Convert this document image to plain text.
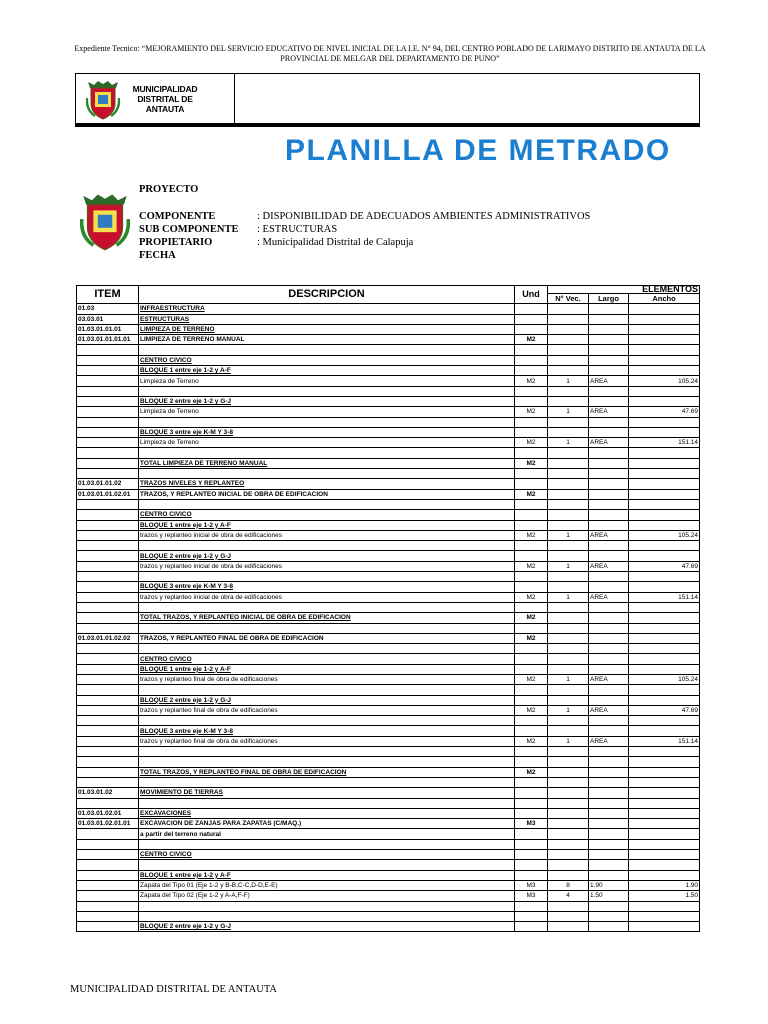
Expediente Tecnico: “MEJORAMIENTO DEL SERVICIO EDUCATIVO DE NIVEL INICIAL DE LA I.E. N° 94, DEL CENTRO POBLADO DE LARIMAYO DISTRITO DE ANTAUTA DE LA PROVINCIAL DE MELGAR DEL DEPARTAMENTO DE PUNO”
MUNICIPALIDAD DISTRITAL DE ANTAUTA
PLANILLA DE METRADO
PROYECTO
COMPONENTE	: DISPONIBILIDAD DE ADECUADOS AMBIENTES ADMINISTRATIVOS
SUB COMPONENTE : ESTRUCTURAS
PROPIETARIO	: Municipalidad Distrital de Calapuja
FECHA
ITEM	DESCRIPCION	Und	ELEMENTOS		
			N° Vec.	Largo	Ancho
01.03	INFRAESTRUCTURA				
03.03.01	ESTRUCTURAS				
01.03.01.01.01	LIMPIEZA DE TERRENO				
01.03.01.01.01.01	LIMPIEZA DE TERRENO MANUAL	M2			

	CENTRO CIVICO				
	BLOQUE 1 entre eje 1-2 y A-F				
	Limpieza de Terreno	M2	1	AREA	105.24

	BLOQUE 2 entre eje 1-2 y G-J				
	Limpieza de Terreno	M2	1	AREA	47.69

	BLOQUE 3 entre eje K-M Y 3-8				
	Limpieza de Terreno	M2	1	AREA	151.14

	TOTAL LIMPIEZA DE TERRENO MANUAL	M2			

01.03.01.01.02	TRAZOS NIVELES Y REPLANTEO				
01.03.01.01.02.01	TRAZOS, Y REPLANTEO INICIAL DE OBRA DE EDIFICACION	M2			

	CENTRO CIVICO				
	BLOQUE 1 entre eje 1-2 y A-F				
	trazos y replanteo inicial de obra de edificaciones	M2	1	AREA	105.24

	BLOQUE 2 entre eje 1-2 y G-J				
	trazos y replanteo inicial de obra de edificaciones	M2	1	AREA	47.69

	BLOQUE 3 entre eje K-M Y 3-8				
	trazos y replanteo inicial de obra de edificaciones	M2	1	AREA	151.14

	TOTAL TRAZOS, Y REPLANTEO INICIAL DE OBRA DE EDIFICACION	M2			

01.03.01.01.02.02	TRAZOS, Y REPLANTEO FINAL DE OBRA DE EDIFICACION	M2			

	CENTRO CIVICO				
	BLOQUE 1 entre eje 1-2 y A-F				
	trazos y replanteo final de obra de edificaciones	M2	1	AREA	105.24

	BLOQUE 2 entre eje 1-2 y G-J				
	trazos y replanteo final de obra de edificaciones	M2	1	AREA	47.69

	BLOQUE 3 entre eje K-M Y 3-8				
	trazos y replanteo final de obra de edificaciones	M2	1	AREA	151.14

	TOTAL TRAZOS, Y REPLANTEO FINAL DE OBRA DE EDIFICACION	M2			

01.03.01.02	MOVIMIENTO DE TIERRAS				

01.03.01.02.01	EXCAVACIONES				
01.03.01.02.01.01	EXCAVACION DE ZANJAS PARA ZAPATAS (C/MAQ.)	M3			
	a partir del terreno natural				

	CENTRO CIVICO				

	BLOQUE 1 entre eje 1-2 y A-F				
	Zapata del Tipo 01 (Eje 1-2 y B-B,C-C,D-D,E-E)	M3	8	1.90	1.90
	Zapata del Tipo 02 (Eje 1-2 y A-A,F-F)	M3	4	1.50	1.50

	BLOQUE 2 entre eje 1-2 y G-J				
MUNICIPALIDAD DISTRITAL DE ANTAUTA
